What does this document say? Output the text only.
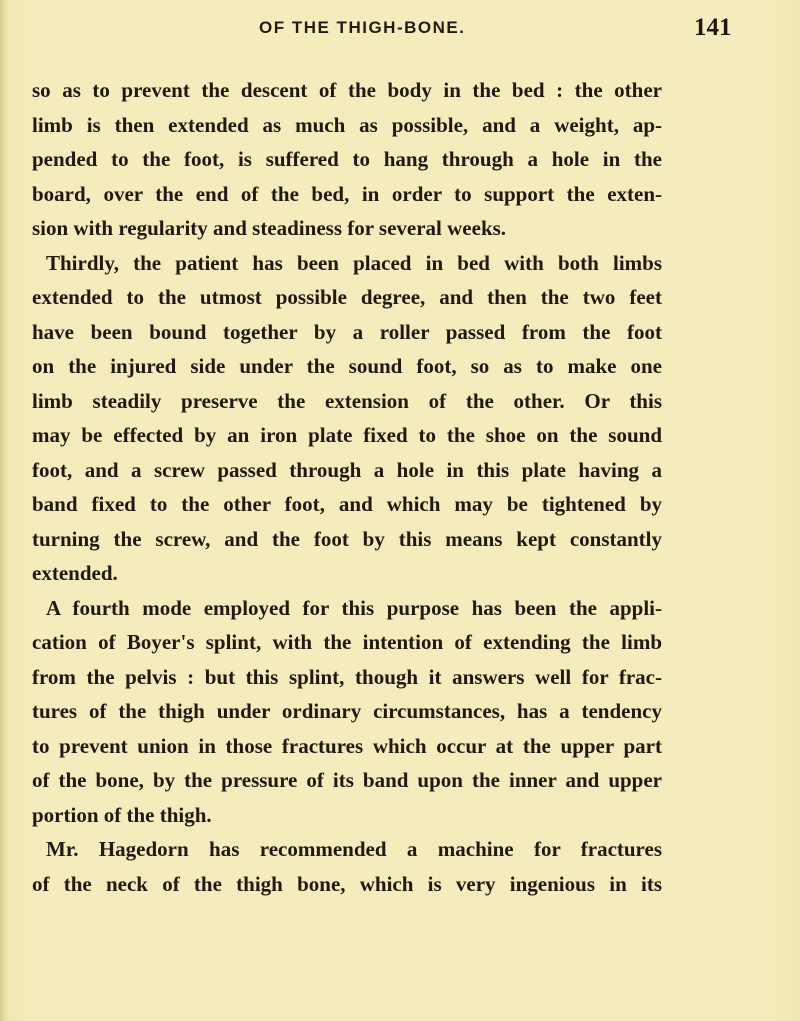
OF THE THIGH-BONE.	141
so as to prevent the descent of the body in the bed : the other
limb is then extended as much as possible, and a weight, ap-
pended to the foot, is suffered to hang through a hole in the
board, over the end of the bed, in order to support the exten-
sion with regularity and steadiness for several weeks.
Thirdly, the patient has been placed in bed with both limbs
extended to the utmost possible degree, and then the two feet
have been bound together by a roller passed from the foot
on the injured side under the sound foot, so as to make one
limb steadily preserve the extension of the other. Or this
may be effected by an iron plate fixed to the shoe on the sound
foot, and a screw passed through a hole in this plate having a
band fixed to the other foot, and which may be tightened by
turning the screw, and the foot by this means kept constantly
extended.
A fourth mode employed for this purpose has been the appli-
cation of Boyer's splint, with the intention of extending the limb
from the pelvis : but this splint, though it answers well for frac-
tures of the thigh under ordinary circumstances, has a tendency
to prevent union in those fractures which occur at the upper part
of the bone, by the pressure of its band upon the inner and upper
portion of the thigh.
Mr. Hagedorn has recommended a machine for fractures
of the neck of the thigh bone, which is very ingenious in its
